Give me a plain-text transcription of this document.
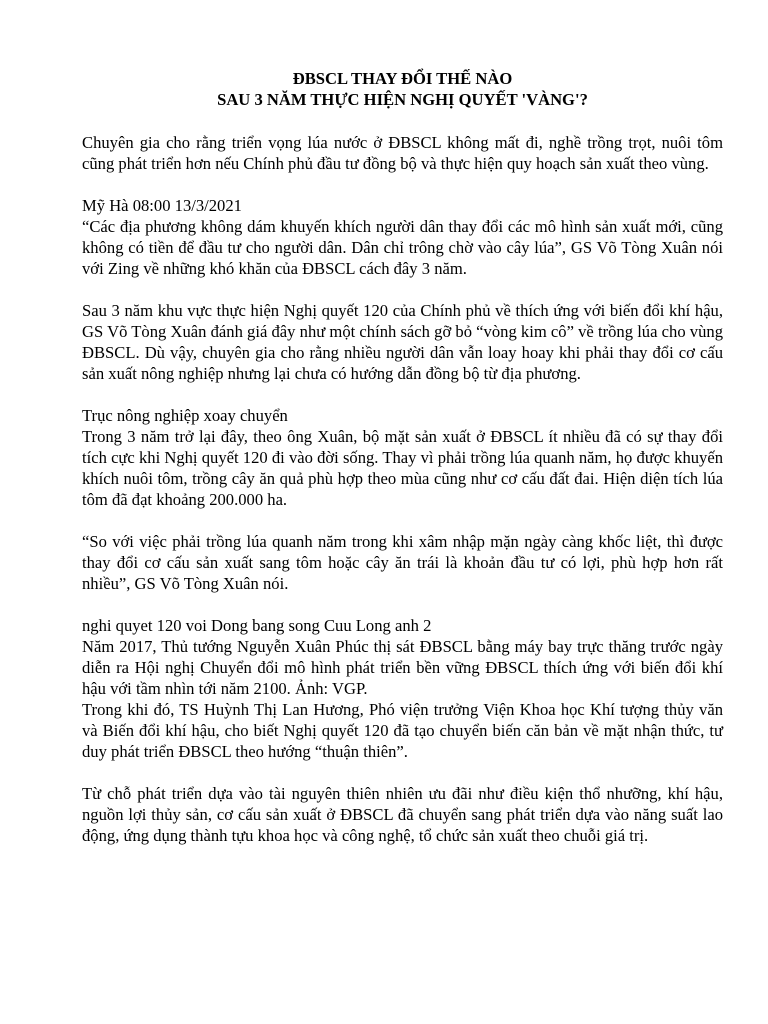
ĐBSCL THAY ĐỔI THẾ NÀO
SAU 3 NĂM THỰC HIỆN NGHỊ QUYẾT 'VÀNG'?

Chuyên gia cho rằng triển vọng lúa nước ở ĐBSCL không mất đi, nghề trồng trọt, nuôi tôm cũng phát triển hơn nếu Chính phủ đầu tư đồng bộ và thực hiện quy hoạch sản xuất theo vùng.

Mỹ Hà 08:00 13/3/2021
“Các địa phương không dám khuyến khích người dân thay đổi các mô hình sản xuất mới, cũng không có tiền để đầu tư cho người dân. Dân chỉ trông chờ vào cây lúa”, GS Võ Tòng Xuân nói với Zing về những khó khăn của ĐBSCL cách đây 3 năm.

Sau 3 năm khu vực thực hiện Nghị quyết 120 của Chính phủ về thích ứng với biến đổi khí hậu, GS Võ Tòng Xuân đánh giá đây như một chính sách gỡ bỏ “vòng kim cô” về trồng lúa cho vùng ĐBSCL. Dù vậy, chuyên gia cho rằng nhiều người dân vẫn loay hoay khi phải thay đổi cơ cấu sản xuất nông nghiệp nhưng lại chưa có hướng dẫn đồng bộ từ địa phương.

Trục nông nghiệp xoay chuyển
Trong 3 năm trở lại đây, theo ông Xuân, bộ mặt sản xuất ở ĐBSCL ít nhiều đã có sự thay đổi tích cực khi Nghị quyết 120 đi vào đời sống. Thay vì phải trồng lúa quanh năm, họ được khuyến khích nuôi tôm, trồng cây ăn quả phù hợp theo mùa cũng như cơ cấu đất đai. Hiện diện tích lúa tôm đã đạt khoảng 200.000 ha.

“So với việc phải trồng lúa quanh năm trong khi xâm nhập mặn ngày càng khốc liệt, thì được thay đổi cơ cấu sản xuất sang tôm hoặc cây ăn trái là khoản đầu tư có lợi, phù hợp hơn rất nhiều”, GS Võ Tòng Xuân nói.

nghi quyet 120 voi Dong bang song Cuu Long anh 2
Năm 2017, Thủ tướng Nguyễn Xuân Phúc thị sát ĐBSCL bằng máy bay trực thăng trước ngày diễn ra Hội nghị Chuyển đổi mô hình phát triển bền vững ĐBSCL thích ứng với biến đổi khí hậu với tầm nhìn tới năm 2100. Ảnh: VGP.
Trong khi đó, TS Huỳnh Thị Lan Hương, Phó viện trưởng Viện Khoa học Khí tượng thủy văn và Biến đổi khí hậu, cho biết Nghị quyết 120 đã tạo chuyển biến căn bản về mặt nhận thức, tư duy phát triển ĐBSCL theo hướng “thuận thiên”.

Từ chỗ phát triển dựa vào tài nguyên thiên nhiên ưu đãi như điều kiện thổ nhưỡng, khí hậu, nguồn lợi thủy sản, cơ cấu sản xuất ở ĐBSCL đã chuyển sang phát triển dựa vào năng suất lao động, ứng dụng thành tựu khoa học và công nghệ, tổ chức sản xuất theo chuỗi giá trị.
